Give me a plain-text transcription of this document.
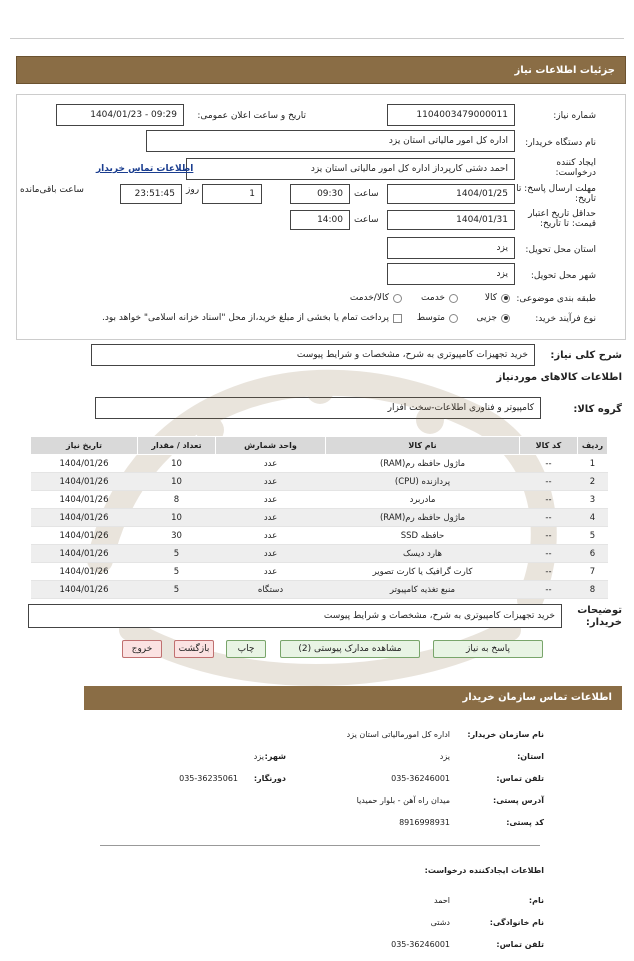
جزئیات اطلاعات نیاز
شماره نیاز:
1104003479000011
تاریخ و ساعت اعلان عمومی:
1404/01/23 - 09:29
نام دستگاه خریدار:
اداره کل امور مالیاتی استان یزد
ایجاد کننده درخواست:
احمد دشتی کارپرداز اداره کل امور مالیاتی استان یزد
اطلاعات تماس خریدار
مهلت ارسال پاسخ: تا تاریخ:
1404/01/25
ساعت
09:30
1
روز
23:51:45
ساعت باقی‌مانده
حداقل تاریخ اعتبار قیمت: تا تاریخ:
1404/01/31
ساعت
14:00
استان محل تحویل:
یزد
شهر محل تحویل:
یزد
طبقه بندی موضوعی:
کالا
خدمت
کالا/خدمت
نوع فرآیند خرید:
جزیی
متوسط
پرداخت تمام یا بخشی از مبلغ خرید،از محل "اسناد خزانه اسلامی" خواهد بود.
شرح کلی نیاز:
خرید تجهیزات کامپیوتری به شرح، مشخصات و شرایط پیوست
اطلاعات کالاهای موردنیاز
گروه کالا:
کامپیوتر و فناوری اطلاعات-سخت افزار
ردیف	کد کالا	نام کالا	واحد شمارش	تعداد / مقدار	تاریخ نیاز
1	--	ماژول حافظه رم(RAM)	عدد	10	1404/01/26
2	--	پردازنده (CPU)	عدد	10	1404/01/26
3	--	مادربرد	عدد	8	1404/01/26
4	--	ماژول حافظه رم(RAM)	عدد	10	1404/01/26
5	--	حافظه SSD	عدد	30	1404/01/26
6	--	هارد دیسک	عدد	5	1404/01/26
7	--	کارت گرافیک یا کارت تصویر	عدد	5	1404/01/26
8	--	منبع تغذیه کامپیوتر	دستگاه	5	1404/01/26
توضیحات خریدار:
خرید تجهیزات کامپیوتری به شرح، مشخصات و شرایط پیوست
پاسخ به نیاز
مشاهده مدارک پیوستی (2)
چاپ
بازگشت
خروج
اطلاعات تماس سازمان خریدار
نام سازمان خریدار:
اداره کل امورمالیاتی استان یزد
استان:
یزد
شهر:
یزد
تلفن تماس:
035-36246001
دورنگار:
035-36235061
آدرس پستی:
میدان راه آهن - بلوار حمیدیا
کد پستی:
8916998931
اطلاعات ایجادکننده درخواست:
نام:
احمد
نام خانوادگی:
دشتی
تلفن تماس:
035-36246001
